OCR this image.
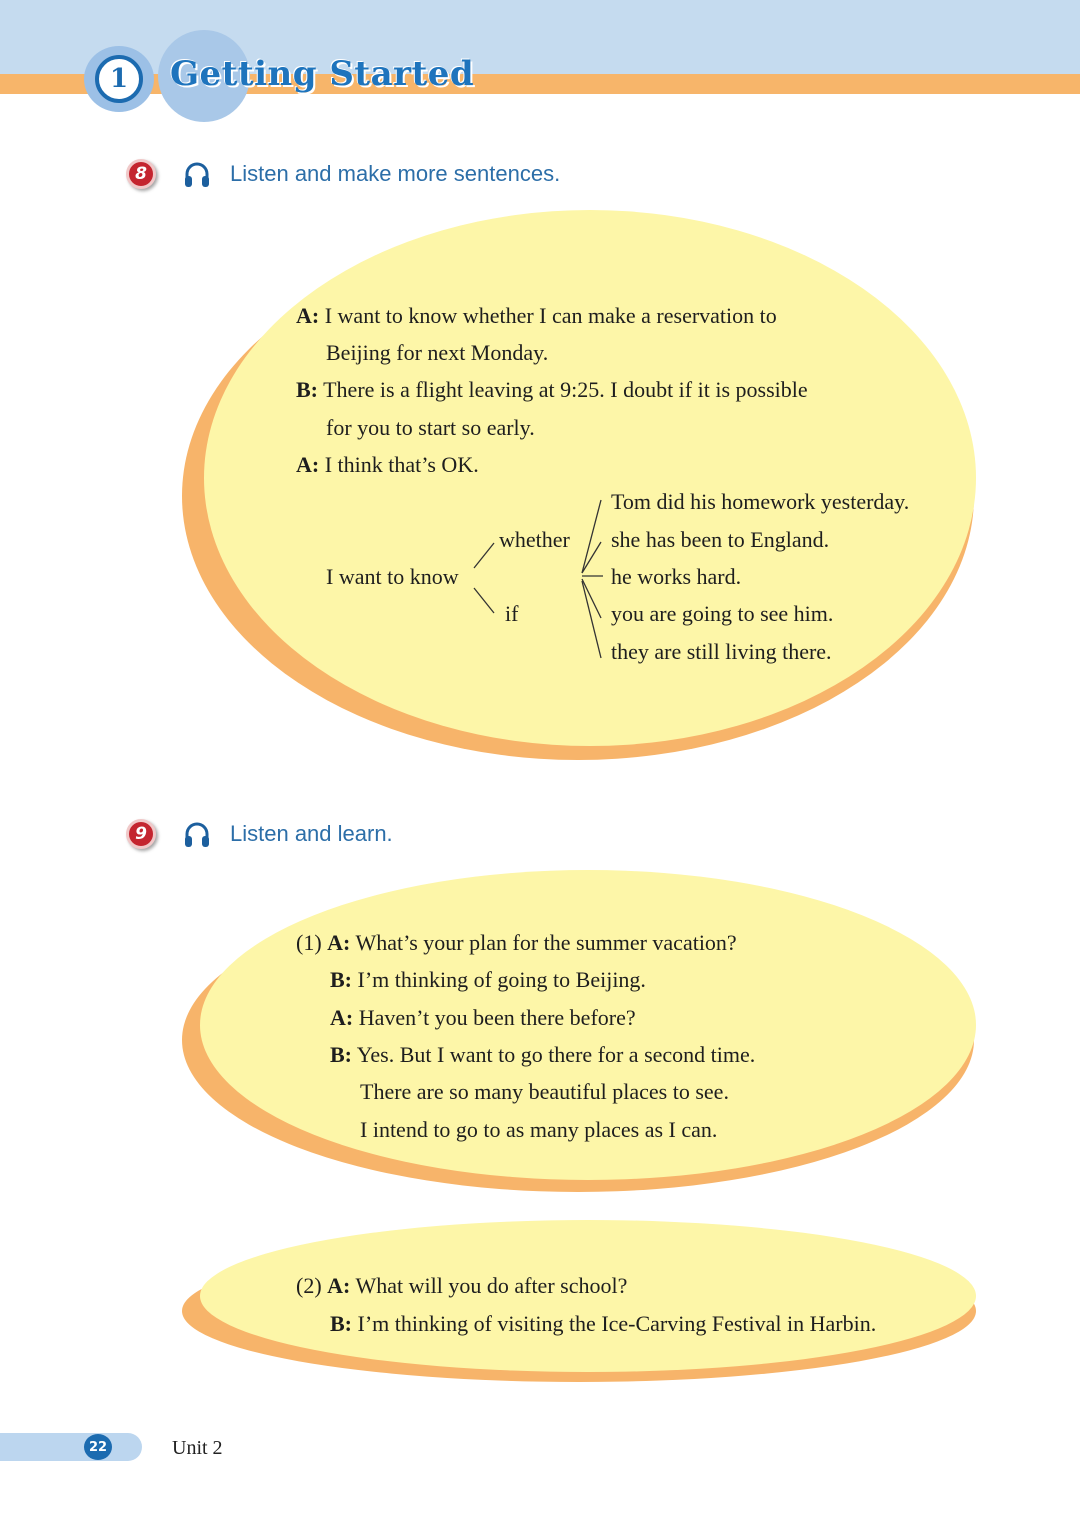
1	Getting Started
8	Listen and make more sentences.
A: I want to know whether I can make a reservation to
Beijing for next Monday.
B: There is a flight leaving at 9:25. I doubt if it is possible
for you to start so early.
A: I think that’s OK.
I want to know
whether
if
Tom did his homework yesterday.
she has been to England.
he works hard.
you are going to see him.
they are still living there.
9	Listen and learn.
(1) A: What’s your plan for the summer vacation?
B: I’m thinking of going to Beijing.
A: Haven’t you been there before?
B: Yes. But I want to go there for a second time.
There are so many beautiful places to see.
I intend to go to as many places as I can.
(2) A: What will you do after school?
B: I’m thinking of visiting the Ice-Carving Festival in Harbin.
22	Unit 2
